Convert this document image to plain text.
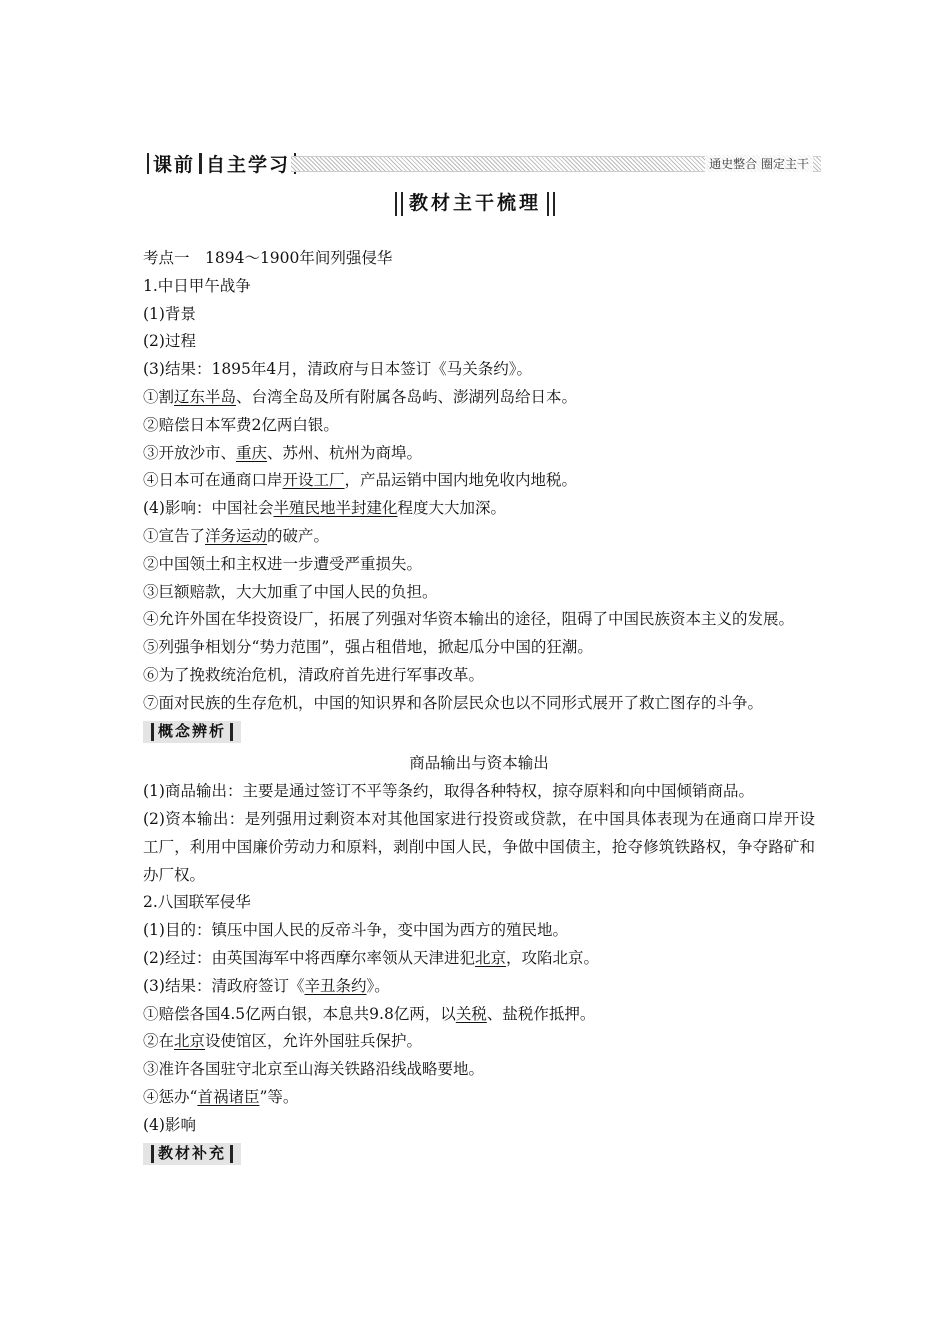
课前 自主学习	通史整合 圈定主干
教材主干梳理
考点一　1894～1900年间列强侵华
1.中日甲午战争
(1)背景
(2)过程
(3)结果：1895年4月，清政府与日本签订《马关条约》。
①割辽东半岛、台湾全岛及所有附属各岛屿、澎湖列岛给日本。
②赔偿日本军费2亿两白银。
③开放沙市、重庆、苏州、杭州为商埠。
④日本可在通商口岸开设工厂，产品运销中国内地免收内地税。
(4)影响：中国社会半殖民地半封建化程度大大加深。
①宣告了洋务运动的破产。
②中国领土和主权进一步遭受严重损失。
③巨额赔款，大大加重了中国人民的负担。
④允许外国在华投资设厂，拓展了列强对华资本输出的途径，阻碍了中国民族资本主义的发展。
⑤列强争相划分“势力范围”，强占租借地，掀起瓜分中国的狂潮。
⑥为了挽救统治危机，清政府首先进行军事改革。
⑦面对民族的生存危机，中国的知识界和各阶层民众也以不同形式展开了救亡图存的斗争。
概念辨析
商品输出与资本输出
(1)商品输出：主要是通过签订不平等条约，取得各种特权，掠夺原料和向中国倾销商品。
(2)资本输出：是列强用过剩资本对其他国家进行投资或贷款，在中国具体表现为在通商口岸开设工厂，利用中国廉价劳动力和原料，剥削中国人民，争做中国债主，抢夺修筑铁路权，争夺路矿和办厂权。
2.八国联军侵华
(1)目的：镇压中国人民的反帝斗争，变中国为西方的殖民地。
(2)经过：由英国海军中将西摩尔率领从天津进犯北京，攻陷北京。
(3)结果：清政府签订《辛丑条约》。
①赔偿各国4.5亿两白银，本息共9.8亿两，以关税、盐税作抵押。
②在北京设使馆区，允许外国驻兵保护。
③准许各国驻守北京至山海关铁路沿线战略要地。
④惩办“首祸诸臣”等。
(4)影响
教材补充
